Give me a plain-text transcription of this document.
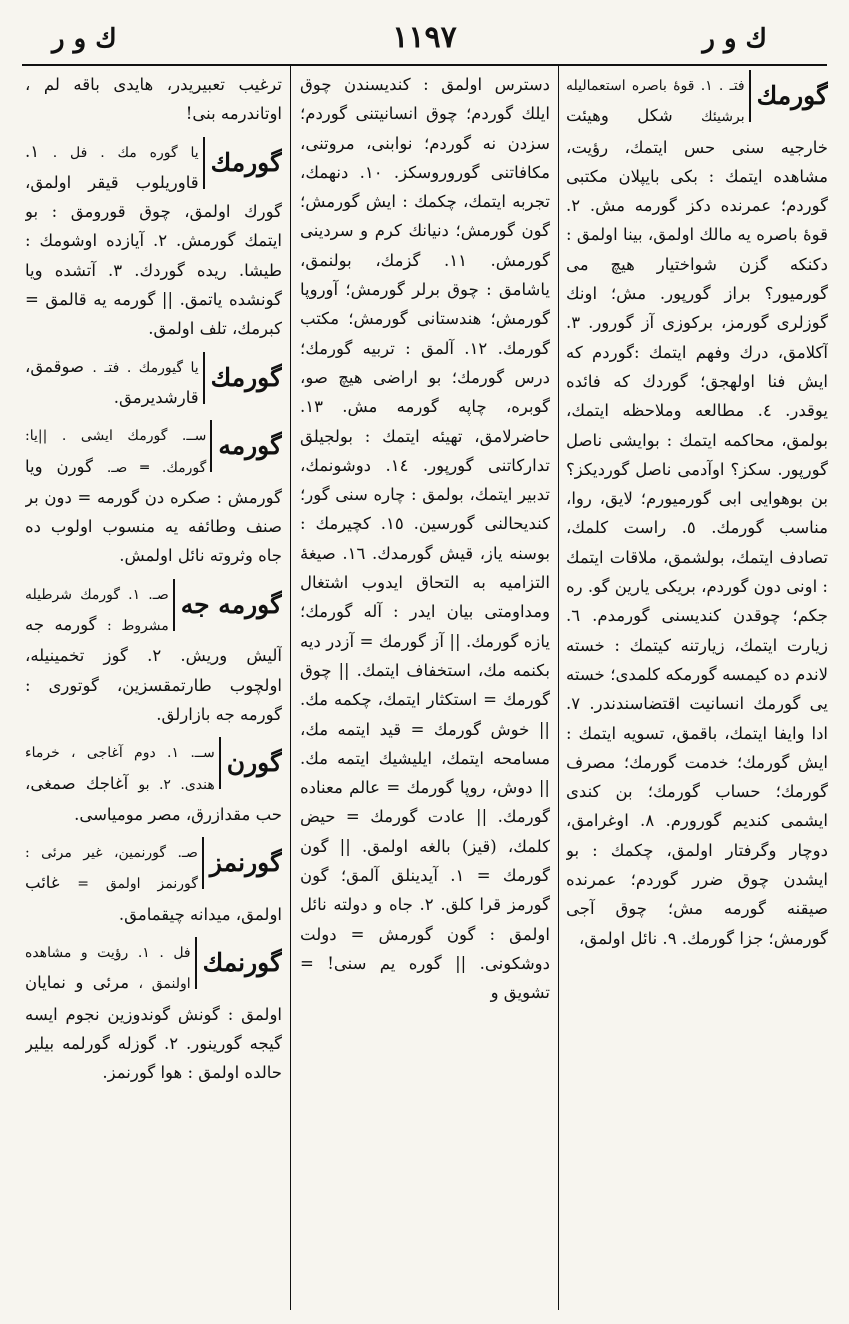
ك و ر
١١٩٧
ك و ر
گورمك
فتـ . ١. قوهٔ باصره استعماليله برشيئك شكل وهيئت خارجيه سنى حس ايتمك، رؤيت، مشاهده ايتمك : بكى بايپلان مكتبى گوردم؛ عمرنده دكز گورمه مش. ٢. قوهٔ باصره يه مالك اولمق، بينا اولمق : دكنكه گزن شواختيار هيچ مى گورميور؟ براز گورپور. مش؛ اونك گوزلرى گورمز، بركوزى آز گورور. ٣. آكلامق، درك وفهم ايتمك :گوردم كه ايش فنا اولهجق؛ گوردك كه فائده يوقدر. ٤. مطالعه وملاحظه ايتمك، بولمق، محاكمه ايتمك : بوايشى ناصل گورپور. سكز؟ اوآدمى ناصل گورديكز؟ بن بوهوايى ابى گورميورم؛ لايق، روا، مناسب گورمك. ٥. راست كلمك، تصادف ايتمك، بولشمق، ملاقات ايتمك : اونى دون گوردم، بريكى يارين گو. ره جكم؛ چوقدن كنديسنى گورمدم. ٦. زيارت ايتمك، زيارتنه كيتمك : خسته لاندم ده كيمسه گورمكه كلمدى؛ خسته يى گورمك انسانيت اقتضاسندندر. ٧. ادا وايفا ايتمك، باقمق، تسويه ايتمك : ايش گورمك؛ خدمت گورمك؛ مصرف گورمك؛ حساب گورمك؛ بن كندى ايشمى كنديم گورورم. ٨. اوغرامق، دوچار وگرفتار اولمق، چكمك : بو ايشدن چوق ضرر گوردم؛ عمرنده صيقنه گورمه مش؛ چوق آجى گورمش؛ جزا گورمك. ٩. نائل اولمق،
دسترس اولمق : كنديسندن چوق ايلك گوردم؛ چوق انسانيتنى گوردم؛ سزدن نه گوردم؛ نوابنى، مروتنى، مكافاتنى گوروروسكز. ١٠. دنهمك، تجربه ايتمك، چكمك : ايش گورمش؛ گون گورمش؛ دنيانك كرم و سردينى گورمش. ١١. گزمك، بولنمق، ياشامق : چوق برلر گورمش؛ آوروپا گورمش؛ هندستانى گورمش؛ مكتب گورمك. ١٢. آلمق : تربيه گورمك؛ درس گورمك؛ بو اراضى هيچ صو، گوبره، چاپه گورمه مش. ١٣. حاضرلامق، تهيئه ايتمك : بولجيلق تداركاتنى گورپور. ١٤. دوشونمك، تدبير ايتمك، بولمق : چاره سنى گور؛ كنديحالنى گورسين. ١٥. كچيرمك : بوسنه ياز، قيش گورمدك. ١٦. صيغهٔ التزاميه به التحاق ايدوب اشتغال ومداومتى بيان ايدر : آله گورمك؛ يازه گورمك. || آز گورمك = آزدر ديه بكنمه مك، استخفاف ايتمك. || چوق گورمك = استكثار ايتمك، چكمه مك. || خوش گورمك = قيد ايتمه مك، مسامحه ايتمك، ايليشيك ايتمه مك. || دوش، روپا گورمك = عالم معناده گورمك. || عادت گورمك = حيض كلمك، (قيز) بالغه اولمق. || گون گورمك = ١. آيدينلق آلمق؛ گون گورمز قرا كلق. ٢. جاه و دولته نائل اولمق : گون گورمش = دولت دوشكونى. || گوره يم سنى! = تشويق و
ترغيب تعبيريدر، هايدى باقه لم ، اوتاندرمه بنى!
گورمك
يا گوره مك . فل . ١. قاوريلوب قيقر اولمق، گورك اولمق، چوق قورومق : بو ايتمك گورمش. ٢. آيازده اوشومك : طيشا. ريده گوردك. ٣. آتشده ويا گونشده ياتمق. || گورمه يه قالمق = كبرمك، تلف اولمق.
گورمك
يا گيورمك . فتـ . صوقمق، قارشديرمق.
گورمه
ســ. گورمك ايشى . ||يا: گورمك. ═ صـ. گورن ويا گورمش : صكره دن گورمه = دون بر صنف وطائفه يه منسوب اولوب ده جاه وثروته نائل اولمش.
گورمه جه
صـ. ١. گورمك شرطيله مشروط : گورمه جه آليش وريش. ٢. گوز تخمينيله، اولچوب طارتمقسزين، گوتورى : گورمه جه بازارلق.
گورن
ســ. ١. دوم آغاجى ، خرماء هندى. ٢. بو آغاجك صمغى، حب مقدازرق، مصر مومياسى.
گورنمز
صـ. گورنمين، غير مرئى : گورنمز اولمق = غائب اولمق، ميدانه چيقمامق.
گورنمك
فل . ١. رؤيت و مشاهده اولنمق ، مرئى و نمايان اولمق : گونش گوندوزين نجوم ايسه گيجه گورينور. ٢. گوزله گورلمه بيلير حالده اولمق : هوا گورنمز.
